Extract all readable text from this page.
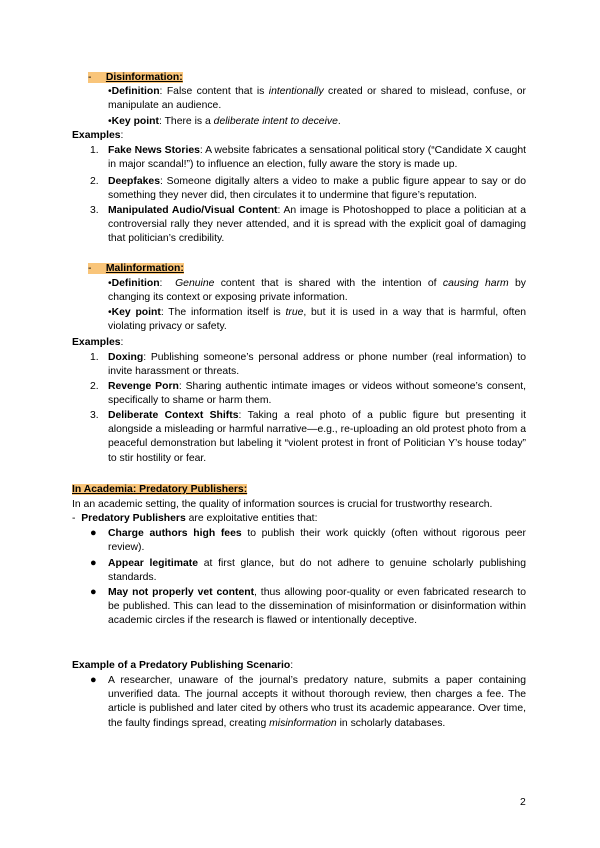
-     Disinformation:
•Definition: False content that is intentionally created or shared to mislead, confuse, or manipulate an audience.
•Key point: There is a deliberate intent to deceive.
Examples:
1. Fake News Stories: A website fabricates a sensational political story (“Candidate X caught in major scandal!”) to influence an election, fully aware the story is made up.
2. Deepfakes: Someone digitally alters a video to make a public figure appear to say or do something they never did, then circulates it to undermine that figure’s reputation.
3. Manipulated Audio/Visual Content: An image is Photoshopped to place a politician at a controversial rally they never attended, and it is spread with the explicit goal of damaging that politician’s credibility.
-     Malinformation:
•Definition:  Genuine content that is shared with the intention of causing harm by changing its context or exposing private information.
•Key point: The information itself is true, but it is used in a way that is harmful, often violating privacy or safety.
Examples:
1. Doxing: Publishing someone’s personal address or phone number (real information) to invite harassment or threats.
2. Revenge Porn: Sharing authentic intimate images or videos without someone’s consent, specifically to shame or harm them.
3. Deliberate Context Shifts: Taking a real photo of a public figure but presenting it alongside a misleading or harmful narrative—e.g., re-uploading an old protest photo from a peaceful demonstration but labeling it “violent protest in front of Politician Y’s house today” to stir hostility or fear.
In Academia: Predatory Publishers:
In an academic setting, the quality of information sources is crucial for trustworthy research.
-  Predatory Publishers are exploitative entities that:
● Charge authors high fees to publish their work quickly (often without rigorous peer review).
● Appear legitimate at first glance, but do not adhere to genuine scholarly publishing standards.
● May not properly vet content, thus allowing poor-quality or even fabricated research to be published. This can lead to the dissemination of misinformation or disinformation within academic circles if the research is flawed or intentionally deceptive.
Example of a Predatory Publishing Scenario:
● A researcher, unaware of the journal’s predatory nature, submits a paper containing unverified data. The journal accepts it without thorough review, then charges a fee. The article is published and later cited by others who trust its academic appearance. Over time, the faulty findings spread, creating misinformation in scholarly databases.
2
